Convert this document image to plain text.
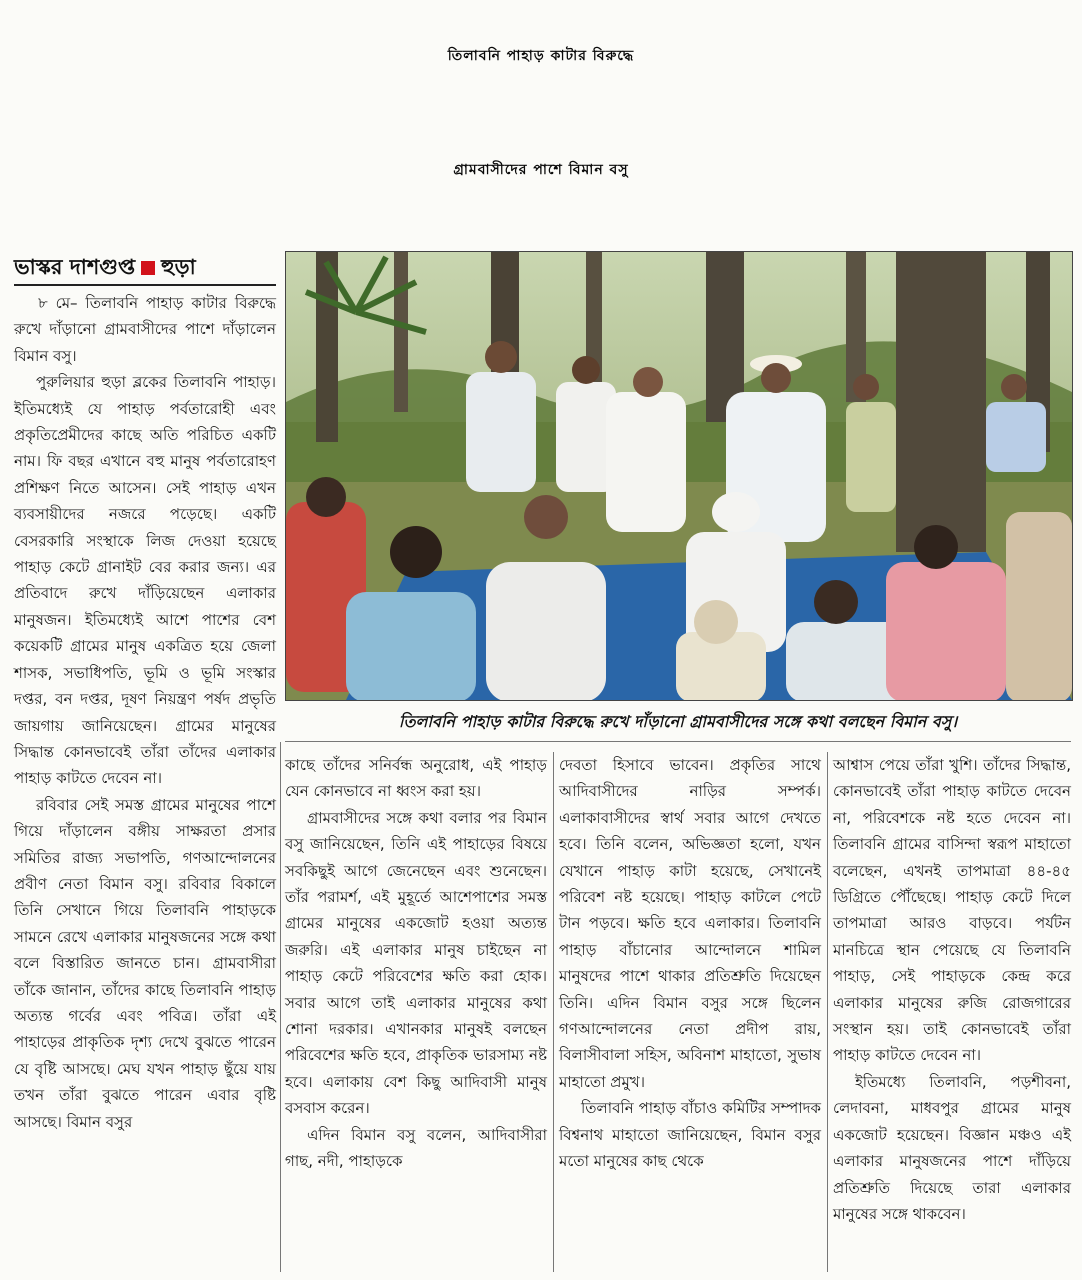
তিলাবনি পাহাড় কাটার বিরুদ্ধে
গ্রামবাসীদের পাশে বিমান বসু
ভাস্কর দাশগুপ্ত হুড়া

৮ মে– তিলাবনি পাহাড় কাটার বিরুদ্ধে রুখে দাঁড়ানো গ্রামবাসীদের পাশে দাঁড়ালেন বিমান বসু।

পুরুলিয়ার হুড়া ব্লকের তিলাবনি পাহাড়। ইতিমধ্যেই যে পাহাড় পর্বতারোহী এবং প্রকৃতিপ্রেমীদের কাছে অতি পরিচিত একটি নাম। ফি বছর এখানে বহু মানুষ পর্বতারোহণ প্রশিক্ষণ নিতে আসেন। সেই পাহাড় এখন ব্যবসায়ীদের নজরে পড়েছে। একটি বেসরকারি সংস্থাকে লিজ দেওয়া হয়েছে পাহাড় কেটে গ্রানাইট বের করার জন্য। এর প্রতিবাদে রুখে দাঁড়িয়েছেন এলাকার মানুষজন। ইতিমধ্যেই আশে পাশের বেশ কয়েকটি গ্রামের মানুষ একত্রিত হয়ে জেলা শাসক, সভাধিপতি, ভূমি ও ভূমি সংস্কার দপ্তর, বন দপ্তর, দূষণ নিয়ন্ত্রণ পর্ষদ প্রভৃতি জায়গায় জানিয়েছেন। গ্রামের মানুষের সিদ্ধান্ত কোনভাবেই তাঁরা তাঁদের এলাকার পাহাড় কাটতে দেবেন না।

রবিবার সেই সমস্ত গ্রামের মানুষের পাশে গিয়ে দাঁড়ালেন বঙ্গীয় সাক্ষরতা প্রসার সমিতির রাজ্য সভাপতি, গণআন্দোলনের প্রবীণ নেতা বিমান বসু। রবিবার বিকালে তিনি সেখানে গিয়ে তিলাবনি পাহাড়কে সামনে রেখে এলাকার মানুষজনের সঙ্গে কথা বলে বিস্তারিত জানতে চান। গ্রামবাসীরা তাঁকে জানান, তাঁদের কাছে তিলাবনি পাহাড় অত্যন্ত গর্বের এবং পবিত্র। তাঁরা এই পাহাড়ের প্রাকৃতিক দৃশ্য দেখে বুঝতে পারেন যে বৃষ্টি আসছে। মেঘ যখন পাহাড় ছুঁয়ে যায় তখন তাঁরা বুঝতে পারেন এবার বৃষ্টি আসছে। বিমান বসুর

তিলাবনি পাহাড় কাটার বিরুদ্ধে রুখে দাঁড়ানো গ্রামবাসীদের সঙ্গে কথা বলছেন বিমান বসু।

কাছে তাঁদের সনির্বন্ধ অনুরোধ, এই পাহাড় যেন কোনভাবে না ধ্বংস করা হয়।

গ্রামবাসীদের সঙ্গে কথা বলার পর বিমান বসু জানিয়েছেন, তিনি এই পাহাড়ের বিষয়ে সবকিছুই আগে জেনেছেন এবং শুনেছেন। তাঁর পরামর্শ, এই মুহূর্তে আশেপাশের সমস্ত গ্রামের মানুষের একজোট হওয়া অত্যন্ত জরুরি। এই এলাকার মানুষ চাইছেন না পাহাড় কেটে পরিবেশের ক্ষতি করা হোক। সবার আগে তাই এলাকার মানুষের কথা শোনা দরকার। এখানকার মানুষই বলছেন পরিবেশের ক্ষতি হবে, প্রাকৃতিক ভারসাম্য নষ্ট হবে। এলাকায় বেশ কিছু আদিবাসী মানুষ বসবাস করেন।

এদিন বিমান বসু বলেন, আদিবাসীরা গাছ, নদী, পাহাড়কে

দেবতা হিসাবে ভাবেন। প্রকৃতির সাথে আদিবাসীদের নাড়ির সম্পর্ক। এলাকাবাসীদের স্বার্থ সবার আগে দেখতে হবে। তিনি বলেন, অভিজ্ঞতা হলো, যখন যেখানে পাহাড় কাটা হয়েছে, সেখানেই পরিবেশ নষ্ট হয়েছে। পাহাড় কাটলে পেটে টান পড়বে। ক্ষতি হবে এলাকার। তিলাবনি পাহাড় বাঁচানোর আন্দোলনে শামিল মানুষদের পাশে থাকার প্রতিশ্রুতি দিয়েছেন তিনি। এদিন বিমান বসুর সঙ্গে ছিলেন গণআন্দোলনের নেতা প্রদীপ রায়, বিলাসীবালা সহিস, অবিনাশ মাহাতো, সুভাষ মাহাতো প্রমুখ।

তিলাবনি পাহাড় বাঁচাও কমিটির সম্পাদক বিশ্বনাথ মাহাতো জানিয়েছেন, বিমান বসুর মতো মানুষের কাছ থেকে

আশ্বাস পেয়ে তাঁরা খুশি। তাঁদের সিদ্ধান্ত, কোনভাবেই তাঁরা পাহাড় কাটতে দেবেন না, পরিবেশকে নষ্ট হতে দেবেন না। তিলাবনি গ্রামের বাসিন্দা স্বরূপ মাহাতো বলেছেন, এখনই তাপমাত্রা ৪৪-৪৫ ডিগ্রিতে পৌঁছেছে। পাহাড় কেটে দিলে তাপমাত্রা আরও বাড়বে। পর্যটন মানচিত্রে স্থান পেয়েছে যে তিলাবনি পাহাড়, সেই পাহাড়কে কেন্দ্র করে এলাকার মানুষের রুজি রোজগারের সংস্থান হয়। তাই কোনভাবেই তাঁরা পাহাড় কাটতে দেবেন না।

ইতিমধ্যে তিলাবনি, পড়শীবনা, লেদাবনা, মাধবপুর গ্রামের মানুষ একজোট হয়েছেন। বিজ্ঞান মঞ্চও এই এলাকার মানুষজনের পাশে দাঁড়িয়ে প্রতিশ্রুতি দিয়েছে তারা এলাকার মানুষের সঙ্গে থাকবেন।
